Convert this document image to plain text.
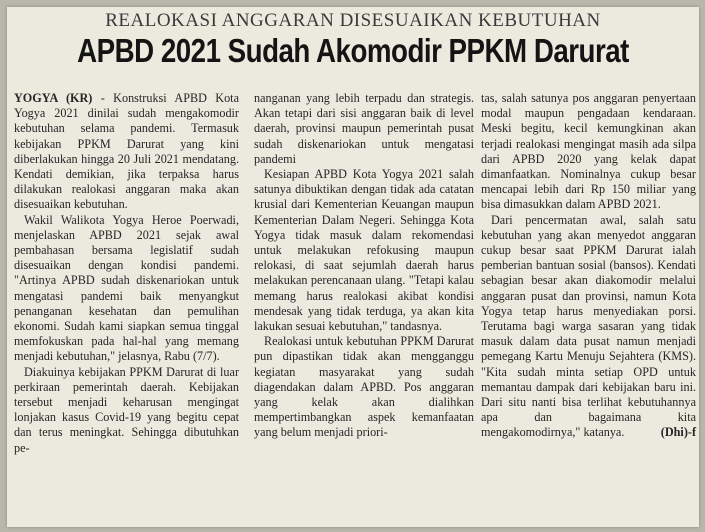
REALOKASI ANGGARAN DISESUAIKAN KEBUTUHAN
APBD 2021 Sudah Akomodir PPKM Darurat

YOGYA (KR) - Konstruksi APBD Kota Yogya 2021 dinilai sudah mengakomodir kebutuhan selama pandemi. Termasuk kebijakan PPKM Darurat yang kini diberlakukan hingga 20 Juli 2021 mendatang. Kendati demikian, jika terpaksa harus dilakukan realokasi anggaran maka akan disesuaikan kebutuhan.

Wakil Walikota Yogya Heroe Poerwadi, menjelaskan APBD 2021 sejak awal pembahasan bersama legislatif sudah disesuaikan dengan kondisi pandemi. "Artinya APBD sudah diskenariokan untuk mengatasi pandemi baik menyangkut penanganan kesehatan dan pemulihan ekonomi. Sudah kami siapkan semua tinggal memfokuskan pada hal-hal yang memang menjadi kebutuhan," jelasnya, Rabu (7/7).

Diakuinya kebijakan PPKM Darurat di luar perkiraan pemerintah daerah. Kebijakan tersebut menjadi keharusan mengingat lonjakan kasus Covid-19 yang begitu cepat dan terus meningkat. Sehingga dibutuhkan pe-

nanganan yang lebih terpadu dan strategis. Akan tetapi dari sisi anggaran baik di level daerah, provinsi maupun pemerintah pusat sudah diskenariokan untuk mengatasi pandemi

Kesiapan APBD Kota Yogya 2021 salah satunya dibuktikan dengan tidak ada catatan krusial dari Kementerian Keuangan maupun Kementerian Dalam Negeri. Sehingga Kota Yogya tidak masuk dalam rekomendasi untuk melakukan refokusing maupun relokasi, di saat sejumlah daerah harus melakukan perencanaan ulang. "Tetapi kalau memang harus realokasi akibat kondisi mendesak yang tidak terduga, ya akan kita lakukan sesuai kebutuhan," tandasnya.

Realokasi untuk kebutuhan PPKM Darurat pun dipastikan tidak akan mengganggu kegiatan masyarakat yang sudah diagendakan dalam APBD. Pos anggaran yang kelak akan dialihkan mempertimbangkan aspek kemanfaatan yang belum menjadi priori-

tas, salah satunya pos anggaran penyertaan modal maupun pengadaan kendaraan. Meski begitu, kecil kemungkinan akan terjadi realokasi mengingat masih ada silpa dari APBD 2020 yang kelak dapat dimanfaatkan. Nominalnya cukup besar mencapai lebih dari Rp 150 miliar yang bisa dimasukkan dalam APBD 2021.

Dari pencermatan awal, salah satu kebutuhan yang akan menyedot anggaran cukup besar saat PPKM Darurat ialah pemberian bantuan sosial (bansos). Kendati sebagian besar akan diakomodir melalui anggaran pusat dan provinsi, namun Kota Yogya tetap harus menyediakan porsi. Terutama bagi warga sasaran yang tidak masuk dalam data pusat namun menjadi pemegang Kartu Menuju Sejahtera (KMS). "Kita sudah minta setiap OPD untuk memantau dampak dari kebijakan baru ini. Dari situ nanti bisa terlihat kebutuhannya apa dan bagaimana kita mengakomodirnya," katanya.	(Dhi)-f
